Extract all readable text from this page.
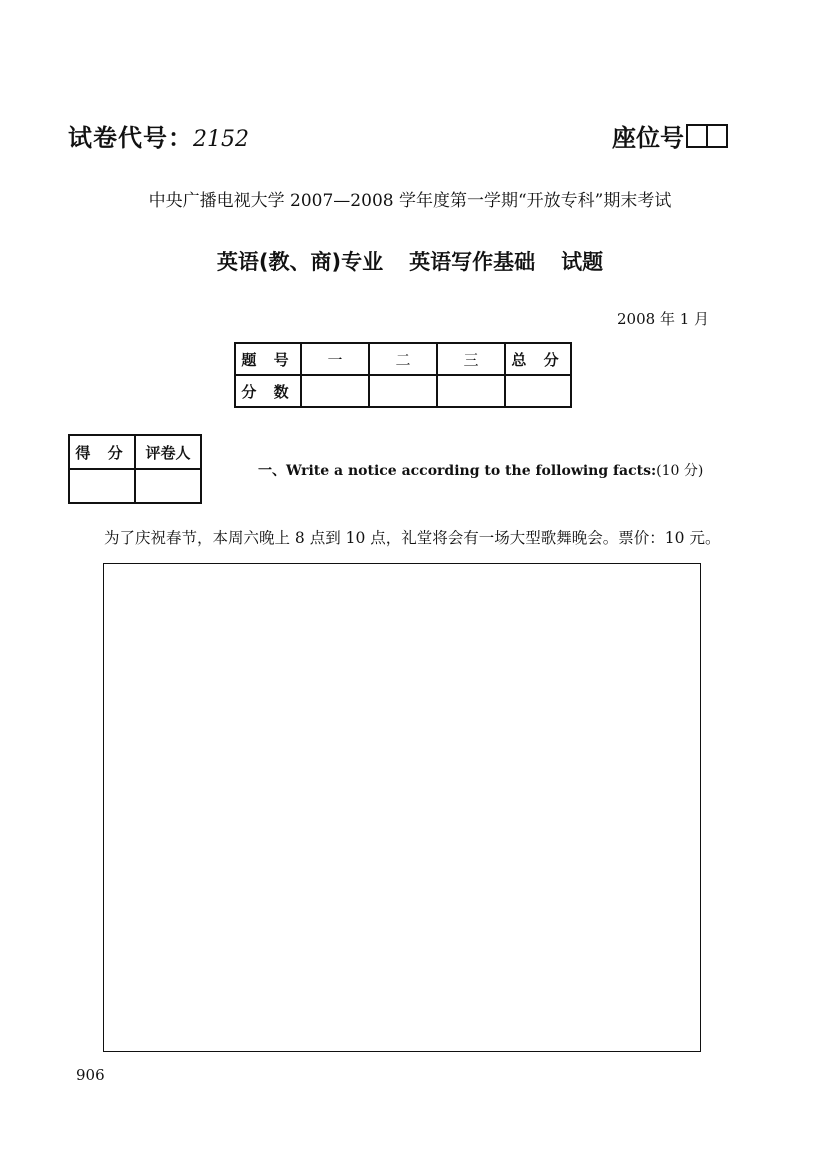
试卷代号：2152	座位号
中央广播电视大学 2007—2008 学年度第一学期“开放专科”期末考试
英语(教、商)专业 英语写作基础 试题
2008 年 1 月
题 号	一	二	三	总 分
分 数				
得 分	评卷人

一、Write a notice according to the following facts:(10 分)
为了庆祝春节，本周六晚上 8 点到 10 点，礼堂将会有一场大型歌舞晚会。票价：10 元。
906
